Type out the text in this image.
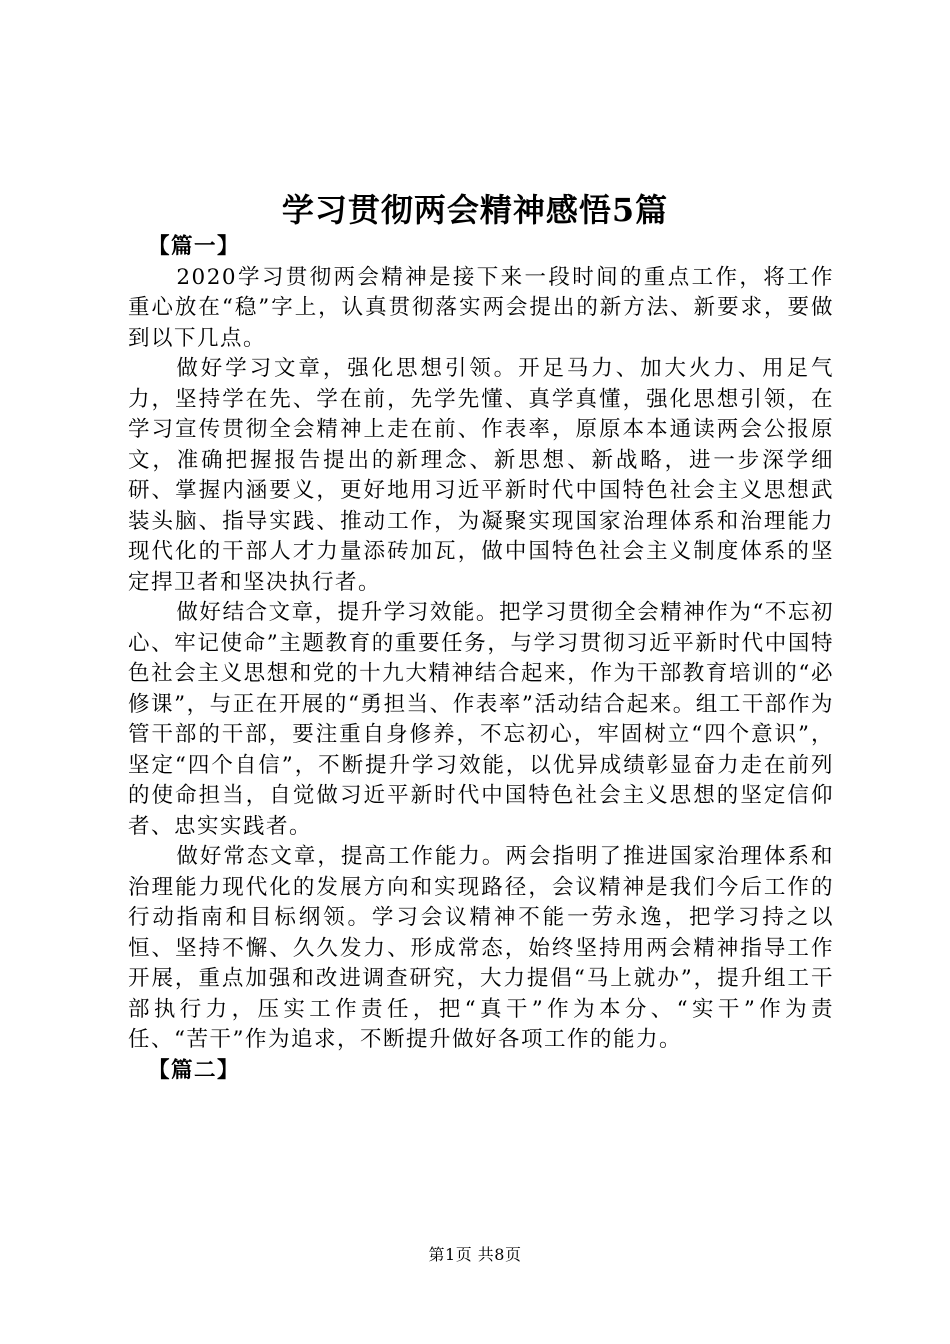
学习贯彻两会精神感悟5篇

【篇一】

2020学习贯彻两会精神是接下来一段时间的重点工作，将工作重心放在“稳”字上，认真贯彻落实两会提出的新方法、新要求，要做到以下几点。

做好学习文章，强化思想引领。开足马力、加大火力、用足气力，坚持学在先、学在前，先学先懂、真学真懂，强化思想引领，在学习宣传贯彻全会精神上走在前、作表率，原原本本通读两会公报原文，准确把握报告提出的新理念、新思想、新战略，进一步深学细研、掌握内涵要义，更好地用习近平新时代中国特色社会主义思想武装头脑、指导实践、推动工作，为凝聚实现国家治理体系和治理能力现代化的干部人才力量添砖加瓦，做中国特色社会主义制度体系的坚定捍卫者和坚决执行者。

做好结合文章，提升学习效能。把学习贯彻全会精神作为“不忘初心、牢记使命”主题教育的重要任务，与学习贯彻习近平新时代中国特色社会主义思想和党的十九大精神结合起来，作为干部教育培训的“必修课”，与正在开展的“勇担当、作表率”活动结合起来。组工干部作为管干部的干部，要注重自身修养，不忘初心，牢固树立“四个意识”，坚定“四个自信”，不断提升学习效能，以优异成绩彰显奋力走在前列的使命担当，自觉做习近平新时代中国特色社会主义思想的坚定信仰者、忠实实践者。

做好常态文章，提高工作能力。两会指明了推进国家治理体系和治理能力现代化的发展方向和实现路径，会议精神是我们今后工作的行动指南和目标纲领。学习会议精神不能一劳永逸，把学习持之以恒、坚持不懈、久久发力、形成常态，始终坚持用两会精神指导工作开展，重点加强和改进调查研究，大力提倡“马上就办”，提升组工干部执行力，压实工作责任，把“真干”作为本分、“实干”作为责任、“苦干”作为追求，不断提升做好各项工作的能力。

【篇二】

第1页 共8页
